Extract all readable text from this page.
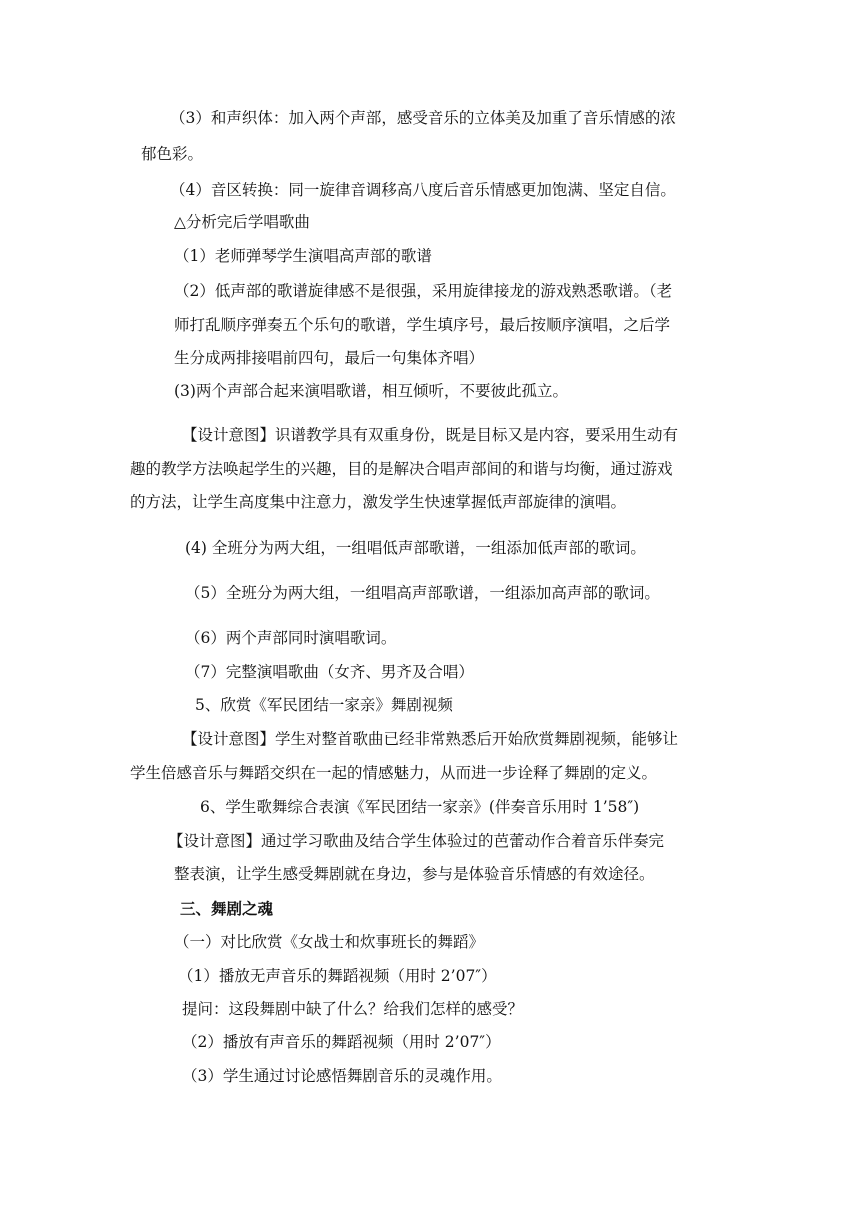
（3）和声织体：加入两个声部，感受音乐的立体美及加重了音乐情感的浓
郁色彩。
（4）音区转换：同一旋律音调移高八度后音乐情感更加饱满、坚定自信。
△分析完后学唱歌曲
（1）老师弹琴学生演唱高声部的歌谱
（2）低声部的歌谱旋律感不是很强，采用旋律接龙的游戏熟悉歌谱。（老
师打乱顺序弹奏五个乐句的歌谱，学生填序号，最后按顺序演唱，之后学
生分成两排接唱前四句，最后一句集体齐唱）
(3)两个声部合起来演唱歌谱，相互倾听，不要彼此孤立。
【设计意图】识谱教学具有双重身份，既是目标又是内容，要采用生动有
趣的教学方法唤起学生的兴趣，目的是解决合唱声部间的和谐与均衡，通过游戏
的方法，让学生高度集中注意力，激发学生快速掌握低声部旋律的演唱。
(4) 全班分为两大组，一组唱低声部歌谱，一组添加低声部的歌词。
（5）全班分为两大组，一组唱高声部歌谱，一组添加高声部的歌词。
（6）两个声部同时演唱歌词。
（7）完整演唱歌曲（女齐、男齐及合唱）
5、欣赏《军民团结一家亲》舞剧视频
【设计意图】学生对整首歌曲已经非常熟悉后开始欣赏舞剧视频，能够让
学生倍感音乐与舞蹈交织在一起的情感魅力，从而进一步诠释了舞剧的定义。
6、学生歌舞综合表演《军民团结一家亲》(伴奏音乐用时 1’58″)
【设计意图】通过学习歌曲及结合学生体验过的芭蕾动作合着音乐伴奏完
整表演，让学生感受舞剧就在身边，参与是体验音乐情感的有效途径。
三、舞剧之魂
（一）对比欣赏《女战士和炊事班长的舞蹈》
（1）播放无声音乐的舞蹈视频（用时 2’07″）
提问：这段舞剧中缺了什么？给我们怎样的感受？
（2）播放有声音乐的舞蹈视频（用时 2’07″）
（3）学生通过讨论感悟舞剧音乐的灵魂作用。
